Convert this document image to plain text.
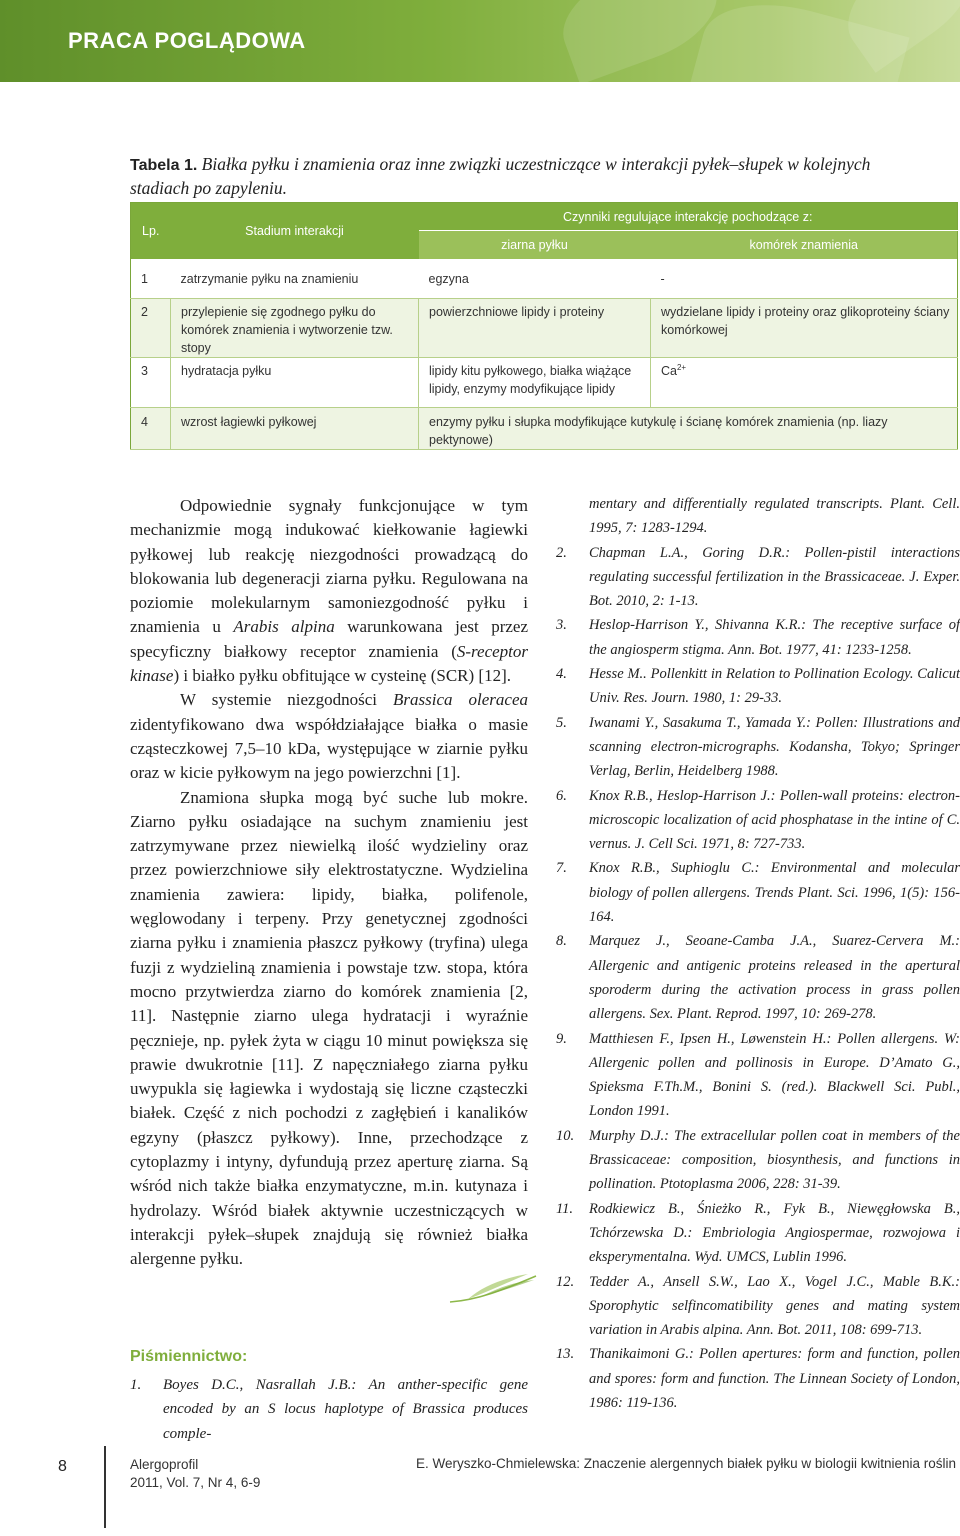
PRACA POGLĄDOWA
Tabela 1. Białka pyłku i znamienia oraz inne związki uczestniczące w interakcji pyłek–słupek w kolejnych stadiach po zapyleniu.
Lp.	Stadium interakcji	Czynniki regulujące interakcję pochodzące z:	
		ziarna pyłku	komórek znamienia
1	zatrzymanie pyłku na znamieniu	egzyna	-
2	przylepienie się zgodnego pyłku do komórek znamienia i wytworzenie tzw. stopy	powierzchniowe lipidy i proteiny	wydzielane lipidy i proteiny oraz glikoproteiny ściany komórkowej
3	hydratacja pyłku	lipidy kitu pyłkowego, białka wiążące lipidy, enzymy modyfikujące lipidy	$Ca^{2+}$
4	wzrost łagiewki pyłkowej	enzymy pyłku i słupka modyfikujące kutykulę i ścianę komórek znamienia (np. liazy pektynowe)	

Odpowiednie sygnały funkcjonujące w tym mechanizmie mogą indukować kiełkowanie łagiewki pyłkowej lub reakcję niezgodności prowadzącą do blokowania lub degeneracji ziarna pyłku. Regulowana na poziomie molekularnym samoniezgodność pyłku i znamienia u Arabis alpina warunkowana jest przez specyficzny białkowy receptor znamienia (S-receptor kinase) i białko pyłku obfitujące w cysteinę (SCR) [12].

W systemie niezgodności Brassica oleracea zidentyfikowano dwa współdziałające białka o masie cząsteczkowej 7,5–10 kDa, występujące w ziarnie pyłku oraz w kicie pyłkowym na jego powierzchni [1].

Znamiona słupka mogą być suche lub mokre. Ziarno pyłku osiadające na suchym znamieniu jest zatrzymywane przez niewielką ilość wydzieliny oraz przez powierzchniowe siły elektrostatyczne. Wydzielina znamienia zawiera: lipidy, białka, polifenole, węglowodany i terpeny. Przy genetycznej zgodności ziarna pyłku i znamienia płaszcz pyłkowy (tryfina) ulega fuzji z wydzieliną znamienia i powstaje tzw. stopa, która mocno przytwierdza ziarno do komórek znamienia [2, 11]. Następnie ziarno ulega hydratacji i wyraźnie pęcznieje, np. pyłek żyta w ciągu 10 minut powiększa się prawie dwukrotnie [11]. Z napęczniałego ziarna pyłku uwypukla się łagiewka i wydostają się liczne cząsteczki białek. Część z nich pochodzi z zagłębień i kanalików egzyny (płaszcz pyłkowy). Inne, przechodzące z cytoplazmy i intyny, dyfundują przez aperturę ziarna. Są wśród nich także białka enzymatyczne, m.in. kutynaza i hydrolazy. Wśród białek aktywnie uczestniczących w interakcji pyłek–słupek znajdują się również białka alergenne pyłku.

Piśmiennictwo:
1.	Boyes D.C., Nasrallah J.B.: An anther-specific gene encoded by an S locus haplotype of Brassica produces comple-
mentary and differentially regulated transcripts. Plant. Cell. 1995, 7: 1283-1294.
2.	Chapman L.A., Goring D.R.: Pollen-pistil interactions regulating successful fertilization in the Brassicaceae. J. Exper. Bot. 2010, 2: 1-13.
3.	Heslop-Harrison Y., Shivanna K.R.: The receptive surface of the angiosperm stigma. Ann. Bot. 1977, 41: 1233-1258.
4.	Hesse M.. Pollenkitt in Relation to Pollination Ecology. Calicut Univ. Res. Journ. 1980, 1: 29-33.
5.	Iwanami Y., Sasakuma T., Yamada Y.: Pollen: Illustrations and scanning electron-micrographs. Kodansha, Tokyo; Springer Verlag, Berlin, Heidelberg 1988.
6.	Knox R.B., Heslop-Harrison J.: Pollen-wall proteins: electron-microscopic localization of acid phosphatase in the intine of C. vernus. J. Cell Sci. 1971, 8: 727-733.
7.	Knox R.B., Suphioglu C.: Environmental and molecular biology of pollen allergens. Trends Plant. Sci. 1996, 1(5): 156-164.
8.	Marquez J., Seoane-Camba J.A., Suarez-Cervera M.: Allergenic and antigenic proteins released in the apertural sporoderm during the activation process in grass pollen allergens. Sex. Plant. Reprod. 1997, 10: 269-278.
9.	Matthiesen F., Ipsen H., Løwenstein H.: Pollen allergens. W: Allergenic pollen and pollinosis in Europe. D’Amato G., Spieksma F.Th.M., Bonini S. (red.). Blackwell Sci. Publ., London 1991.
10.	Murphy D.J.: The extracellular pollen coat in members of the Brassicaceae: composition, biosynthesis, and functions in pollination. Ptotoplasma 2006, 228: 31-39.
11.	Rodkiewicz B., Śnieżko R., Fyk B., Niewęgłowska B., Tchórzewska D.: Embriologia Angiospermae, rozwojowa i eksperymentalna. Wyd. UMCS, Lublin 1996.
12.	Tedder A., Ansell S.W., Lao X., Vogel J.C., Mable B.K.: Sporophytic selfincomatibility genes and mating system variation in Arabis alpina. Ann. Bot. 2011, 108: 699-713.
13.	Thanikaimoni G.: Pollen apertures: form and function, pollen and spores: form and function. The Linnean Society of London, 1986: 119-136.
8	Alergoprofil
2011, Vol. 7, Nr 4, 6-9
E. Weryszko-Chmielewska: Znaczenie alergennych białek pyłku w biologii kwitnienia roślin
